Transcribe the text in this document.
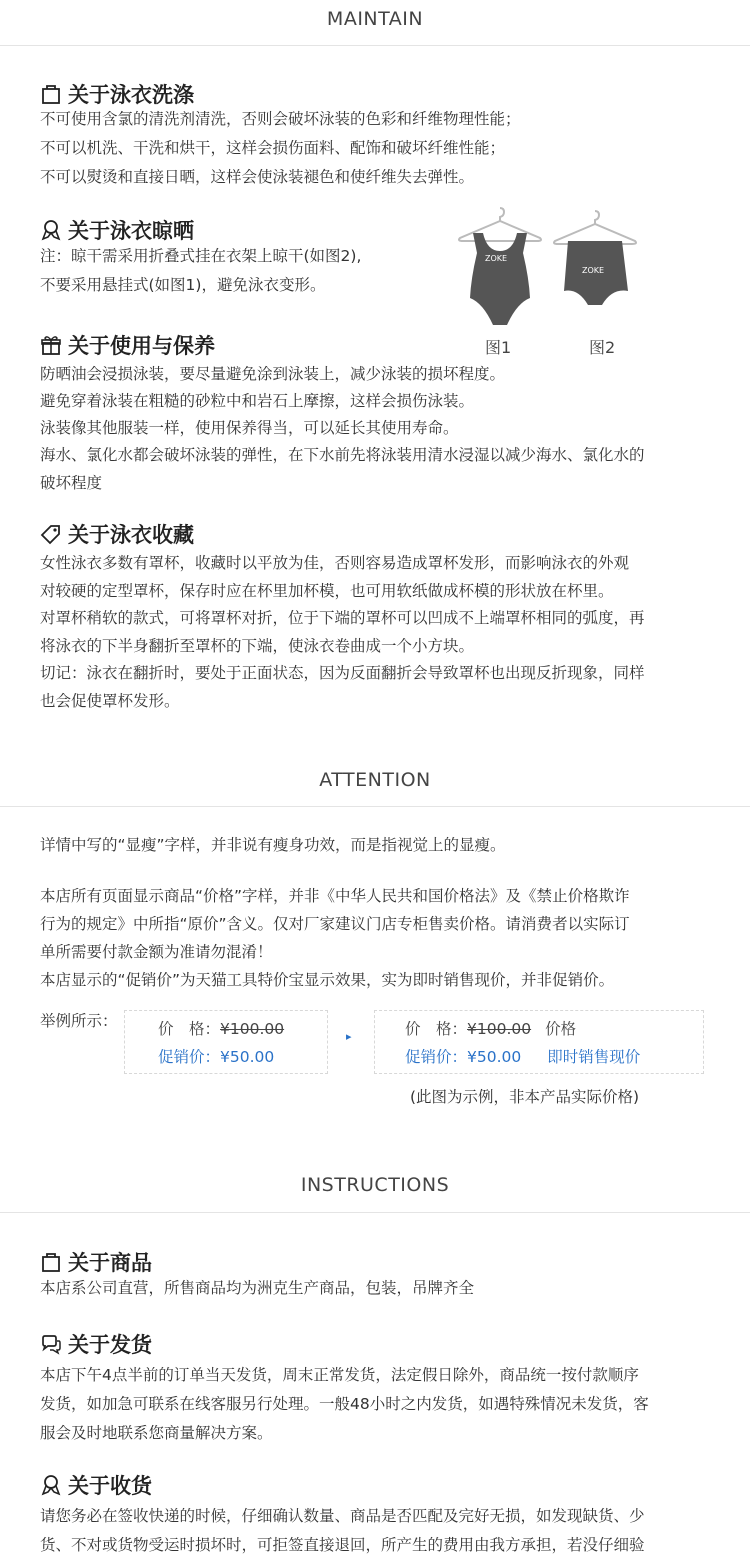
MAINTAIN
关于泳衣洗涤
不可使用含氯的清洗剂清洗，否则会破坏泳装的色彩和纤维物理性能；
不可以机洗、干洗和烘干，这样会损伤面料、配饰和破坏纤维性能；
不可以熨烫和直接日晒，这样会使泳装褪色和使纤维失去弹性。
关于泳衣晾晒
注：晾干需采用折叠式挂在衣架上晾干(如图2),
不要采用悬挂式(如图1)，避免泳衣变形。
ZOKE
ZOKE
图1	图2
关于使用与保养
防晒油会浸损泳装，要尽量避免涂到泳装上，减少泳装的损坏程度。
避免穿着泳装在粗糙的砂粒中和岩石上摩擦，这样会损伤泳装。
泳装像其他服装一样，使用保养得当，可以延长其使用寿命。
海水、氯化水都会破坏泳装的弹性，在下水前先将泳装用清水浸湿以减少海水、氯化水的
破坏程度
关于泳衣收藏
女性泳衣多数有罩杯，收藏时以平放为佳，否则容易造成罩杯发形，而影响泳衣的外观
对较硬的定型罩杯，保存时应在杯里加杯模，也可用软纸做成杯模的形状放在杯里。
对罩杯稍软的款式，可将罩杯对折，位于下端的罩杯可以凹成不上端罩杯相同的弧度，再
将泳衣的下半身翻折至罩杯的下端，使泳衣卷曲成一个小方块。
切记：泳衣在翻折时，要处于正面状态，因为反面翻折会导致罩杯也出现反折现象，同样
也会促使罩杯发形。
ATTENTION
详情中写的“显瘦”字样，并非说有瘦身功效，而是指视觉上的显瘦。
本店所有页面显示商品“价格”字样，并非《中华人民共和国价格法》及《禁止价格欺诈
行为的规定》中所指“原价”含义。仅对厂家建议门店专柜售卖价格。请消费者以实际订
单所需要付款金额为准请勿混淆！
本店显示的“促销价”为天猫工具特价宝显示效果，实为即时销售现价，并非促销价。
举例所示：	价　格：¥100.00
促销价：¥50.00
▸	价　格：¥100.00 价格
促销价：¥50.00 即时销售现价
(此图为示例，非本产品实际价格)
INSTRUCTIONS
关于商品
本店系公司直营，所售商品均为洲克生产商品，包装，吊牌齐全
关于发货
本店下午4点半前的订单当天发货，周末正常发货，法定假日除外，商品统一按付款顺序
发货，如加急可联系在线客服另行处理。一般48小时之内发货，如遇特殊情况未发货，客
服会及时地联系您商量解决方案。
关于收货
请您务必在签收快递的时候，仔细确认数量、商品是否匹配及完好无损，如发现缺货、少
货、不对或货物受运时损坏时，可拒签直接退回，所产生的费用由我方承担，若没仔细验
